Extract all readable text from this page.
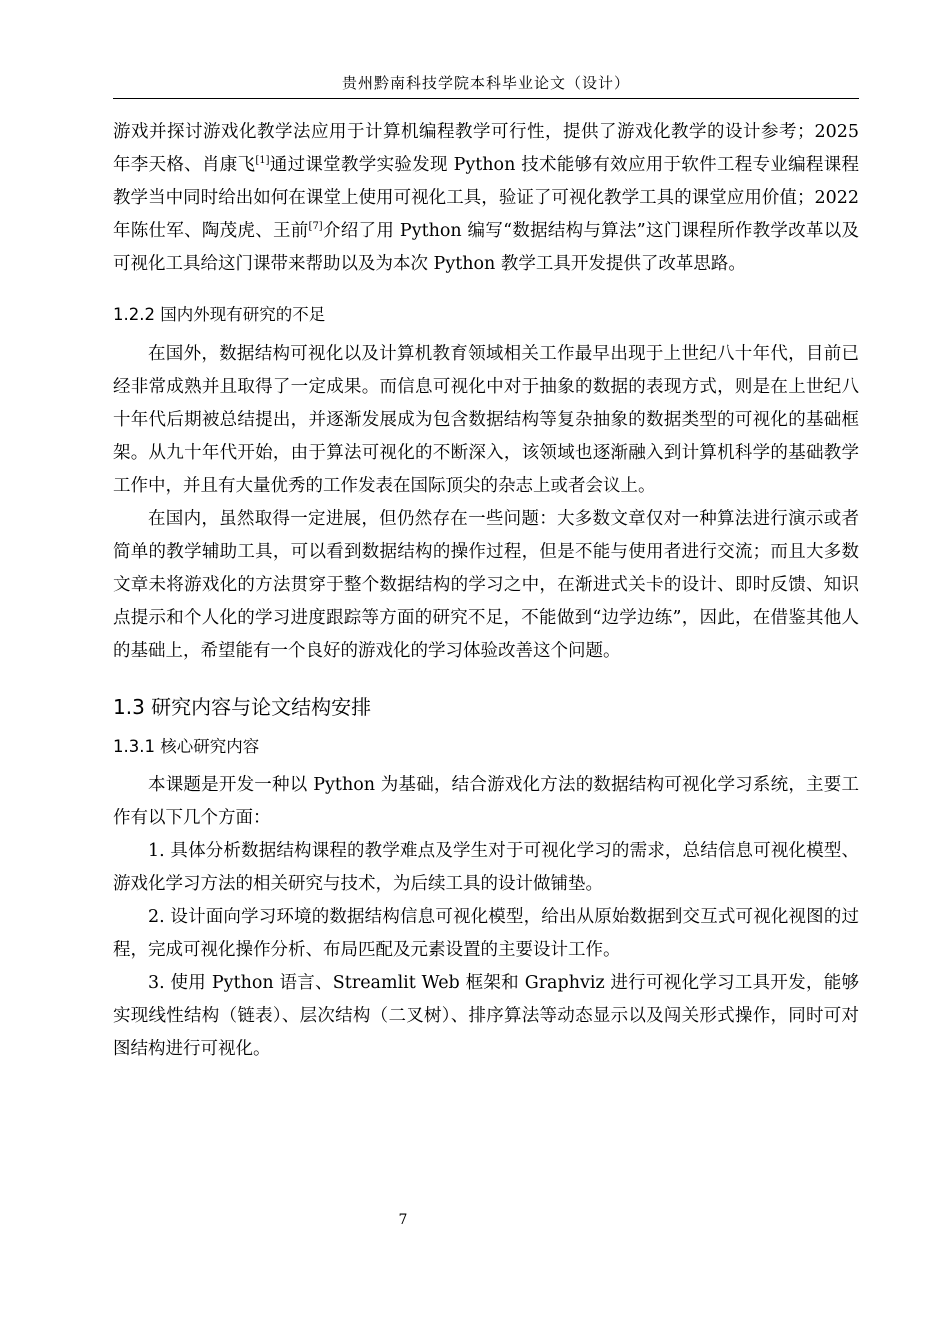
贵州黔南科技学院本科毕业论文（设计）

游戏并探讨游戏化教学法应用于计算机编程教学可行性，提供了游戏化教学的设计参考；2025 年李天格、肖康飞[1]通过课堂教学实验发现 Python 技术能够有效应用于软件工程专业编程课程教学当中同时给出如何在课堂上使用可视化工具，验证了可视化教学工具的课堂应用价值；2022 年陈仕军、陶茂虎、王前[7]介绍了用 Python 编写“数据结构与算法”这门课程所作教学改革以及可视化工具给这门课带来帮助以及为本次 Python 教学工具开发提供了改革思路。

1.2.2 国内外现有研究的不足

在国外，数据结构可视化以及计算机教育领域相关工作最早出现于上世纪八十年代，目前已经非常成熟并且取得了一定成果。而信息可视化中对于抽象的数据的表现方式，则是在上世纪八十年代后期被总结提出，并逐渐发展成为包含数据结构等复杂抽象的数据类型的可视化的基础框架。从九十年代开始，由于算法可视化的不断深入，该领域也逐渐融入到计算机科学的基础教学工作中，并且有大量优秀的工作发表在国际顶尖的杂志上或者会议上。

在国内，虽然取得一定进展，但仍然存在一些问题：大多数文章仅对一种算法进行演示或者简单的教学辅助工具，可以看到数据结构的操作过程，但是不能与使用者进行交流；而且大多数文章未将游戏化的方法贯穿于整个数据结构的学习之中，在渐进式关卡的设计、即时反馈、知识点提示和个人化的学习进度跟踪等方面的研究不足，不能做到“边学边练”，因此，在借鉴其他人的基础上，希望能有一个良好的游戏化的学习体验改善这个问题。

1.3 研究内容与论文结构安排
1.3.1 核心研究内容

本课题是开发一种以 Python 为基础，结合游戏化方法的数据结构可视化学习系统，主要工作有以下几个方面：

1. 具体分析数据结构课程的教学难点及学生对于可视化学习的需求，总结信息可视化模型、游戏化学习方法的相关研究与技术，为后续工具的设计做铺垫。

2. 设计面向学习环境的数据结构信息可视化模型，给出从原始数据到交互式可视化视图的过程，完成可视化操作分析、布局匹配及元素设置的主要设计工作。

3. 使用 Python 语言、Streamlit Web 框架和 Graphviz 进行可视化学习工具开发，能够实现线性结构（链表）、层次结构（二叉树）、排序算法等动态显示以及闯关形式操作，同时可对图结构进行可视化。

7
